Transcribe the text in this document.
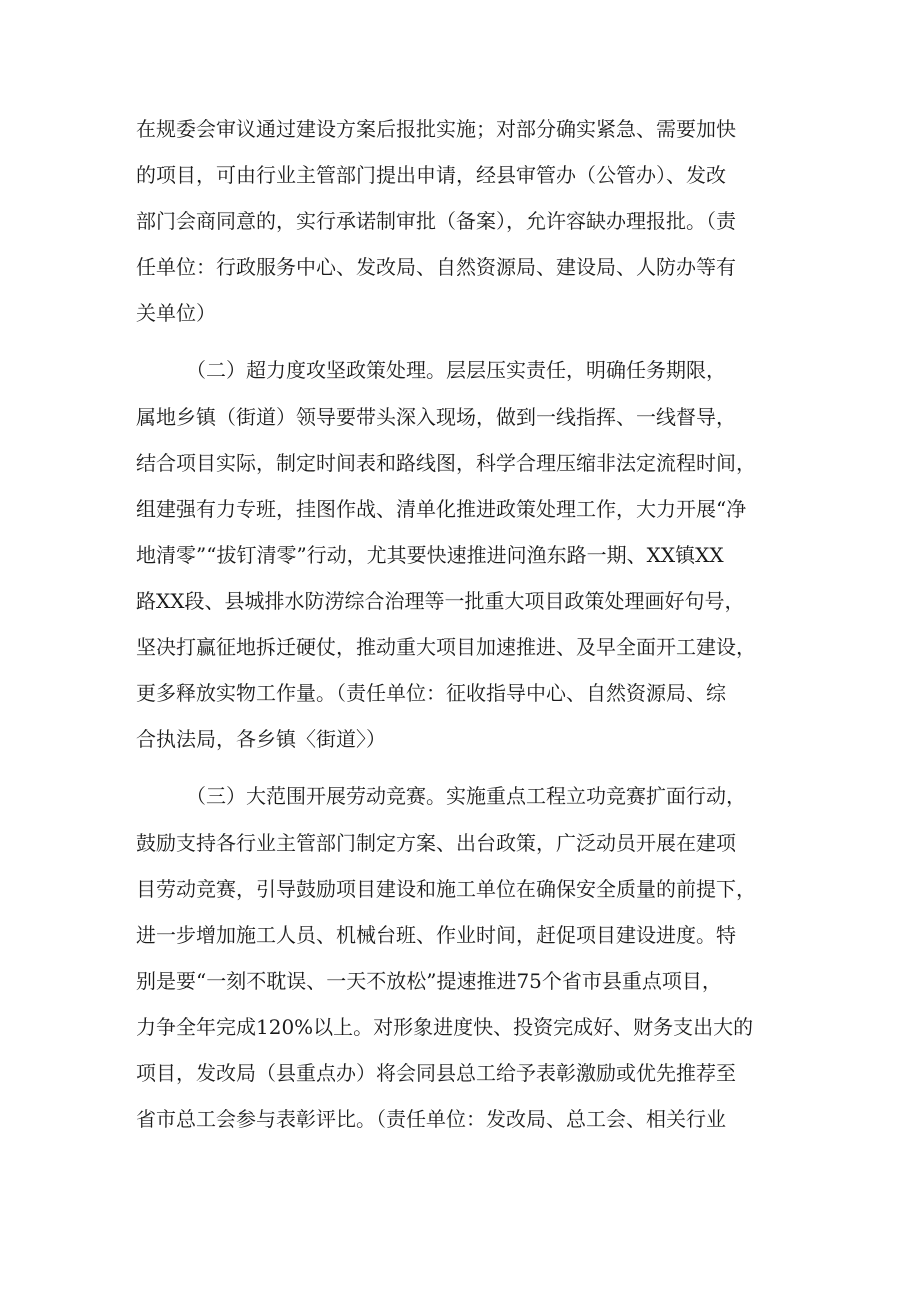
在规委会审议通过建设方案后报批实施；对部分确实紧急、需要加快
的项目，可由行业主管部门提出申请，经县审管办（公管办）、发改
部门会商同意的，实行承诺制审批（备案），允许容缺办理报批。（责
任单位：行政服务中心、发改局、自然资源局、建设局、人防办等有
关单位）
（二）超力度攻坚政策处理。层层压实责任，明确任务期限，
属地乡镇（街道）领导要带头深入现场，做到一线指挥、一线督导，
结合项目实际，制定时间表和路线图，科学合理压缩非法定流程时间，
组建强有力专班，挂图作战、清单化推进政策处理工作，大力开展“净
地清零”“拔钉清零”行动，尤其要快速推进问渔东路一期、XX镇XX
路XX段、县城排水防涝综合治理等一批重大项目政策处理画好句号，
坚决打赢征地拆迁硬仗，推动重大项目加速推进、及早全面开工建设，
更多释放实物工作量。（责任单位：征收指导中心、自然资源局、综
合执法局，各乡镇〈街道〉）
（三）大范围开展劳动竞赛。实施重点工程立功竞赛扩面行动，
鼓励支持各行业主管部门制定方案、出台政策，广泛动员开展在建项
目劳动竞赛，引导鼓励项目建设和施工单位在确保安全质量的前提下，
进一步增加施工人员、机械台班、作业时间，赶促项目建设进度。特
别是要“一刻不耽误、一天不放松”提速推进75个省市县重点项目，
力争全年完成120%以上。对形象进度快、投资完成好、财务支出大的
项目，发改局（县重点办）将会同县总工给予表彰激励或优先推荐至
省市总工会参与表彰评比。（责任单位：发改局、总工会、相关行业
